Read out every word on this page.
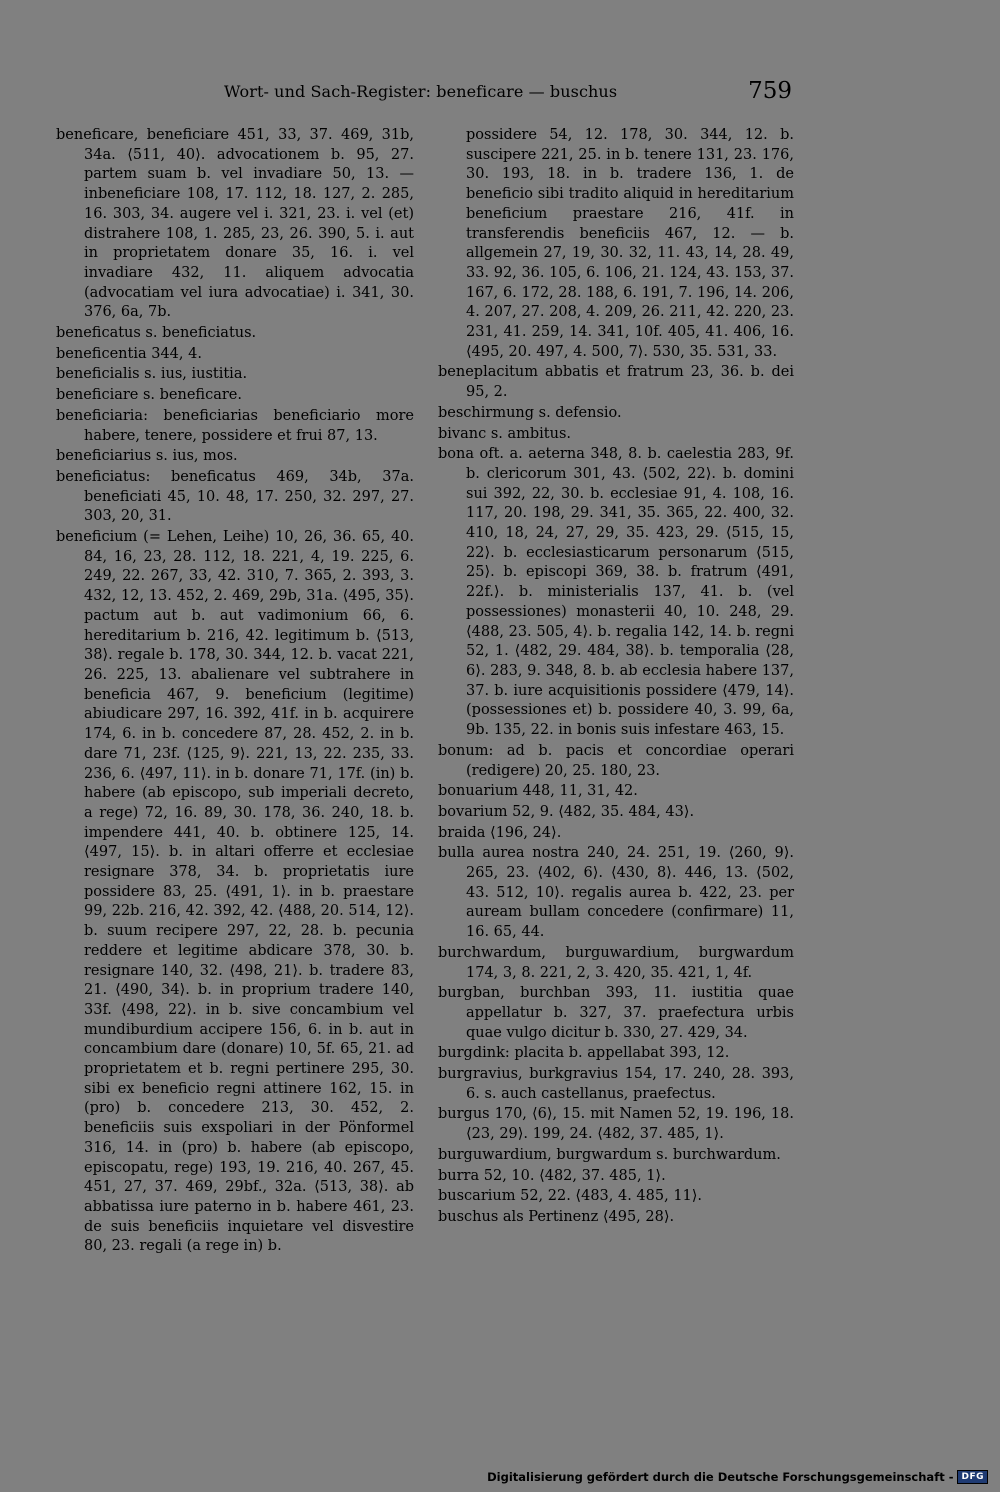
Wort- und Sach-Register: beneficare — buschus	759

beneficare, beneficiare 451, 33, 37. 469, 31b, 34a. ⟨511, 40⟩. advocationem b. 95, 27. partem suam b. vel invadiare 50, 13. — inbeneficiare 108, 17. 112, 18. 127, 2. 285, 16. 303, 34. augere vel i. 321, 23. i. vel (et) distrahere 108, 1. 285, 23, 26. 390, 5. i. aut in proprietatem donare 35, 16. i. vel invadiare 432, 11. aliquem advocatia (advocatiam vel iura advocatiae) i. 341, 30. 376, 6a, 7b.

beneficatus s. beneficiatus.

beneficentia 344, 4.

beneficialis s. ius, iustitia.

beneficiare s. beneficare.

beneficiaria: beneficiarias beneficiario more habere, tenere, possidere et frui 87, 13.

beneficiarius s. ius, mos.

beneficiatus: beneficatus 469, 34b, 37a. beneficiati 45, 10. 48, 17. 250, 32. 297, 27. 303, 20, 31.

beneficium (= Lehen, Leihe) 10, 26, 36. 65, 40. 84, 16, 23, 28. 112, 18. 221, 4, 19. 225, 6. 249, 22. 267, 33, 42. 310, 7. 365, 2. 393, 3. 432, 12, 13. 452, 2. 469, 29b, 31a. ⟨495, 35⟩. pactum aut b. aut vadimonium 66, 6. hereditarium b. 216, 42. legitimum b. ⟨513, 38⟩. regale b. 178, 30. 344, 12. b. vacat 221, 26. 225, 13. abalienare vel subtrahere in beneficia 467, 9. beneficium (legitime) abiudicare 297, 16. 392, 41f. in b. acquirere 174, 6. in b. concedere 87, 28. 452, 2. in b. dare 71, 23f. ⟨125, 9⟩. 221, 13, 22. 235, 33. 236, 6. ⟨497, 11⟩. in b. donare 71, 17f. (in) b. habere (ab episcopo, sub imperiali decreto, a rege) 72, 16. 89, 30. 178, 36. 240, 18. b. impendere 441, 40. b. obtinere 125, 14. ⟨497, 15⟩. b. in altari offerre et ecclesiae resignare 378, 34. b. proprietatis iure possidere 83, 25. ⟨491, 1⟩. in b. praestare 99, 22b. 216, 42. 392, 42. ⟨488, 20. 514, 12⟩. b. suum recipere 297, 22, 28. b. pecunia reddere et legitime abdicare 378, 30. b. resignare 140, 32. ⟨498, 21⟩. b. tradere 83, 21. ⟨490, 34⟩. b. in proprium tradere 140, 33f. ⟨498, 22⟩. in b. sive concambium vel mundiburdium accipere 156, 6. in b. aut in concambium dare (donare) 10, 5f. 65, 21. ad proprietatem et b. regni pertinere 295, 30. sibi ex beneficio regni attinere 162, 15. in (pro) b. concedere 213, 30. 452, 2. beneficiis suis exspoliari in der Pönformel 316, 14. in (pro) b. habere (ab episcopo, episcopatu, rege) 193, 19. 216, 40. 267, 45. 451, 27, 37. 469, 29bf., 32a. ⟨513, 38⟩. ab abbatissa iure paterno in b. habere 461, 23. de suis beneficiis inquietare vel disvestire 80, 23. regali (a rege in) b.

possidere 54, 12. 178, 30. 344, 12. b. suscipere 221, 25. in b. tenere 131, 23. 176, 30. 193, 18. in b. tradere 136, 1. de beneficio sibi tradito aliquid in hereditarium beneficium praestare 216, 41f. in transferendis beneficiis 467, 12. — b. allgemein 27, 19, 30. 32, 11. 43, 14, 28. 49, 33. 92, 36. 105, 6. 106, 21. 124, 43. 153, 37. 167, 6. 172, 28. 188, 6. 191, 7. 196, 14. 206, 4. 207, 27. 208, 4. 209, 26. 211, 42. 220, 23. 231, 41. 259, 14. 341, 10f. 405, 41. 406, 16. ⟨495, 20. 497, 4. 500, 7⟩. 530, 35. 531, 33.

beneplacitum abbatis et fratrum 23, 36. b. dei 95, 2.

beschirmung s. defensio.

bivanc s. ambitus.

bona oft. a. aeterna 348, 8. b. caelestia 283, 9f. b. clericorum 301, 43. ⟨502, 22⟩. b. domini sui 392, 22, 30. b. ecclesiae 91, 4. 108, 16. 117, 20. 198, 29. 341, 35. 365, 22. 400, 32. 410, 18, 24, 27, 29, 35. 423, 29. ⟨515, 15, 22⟩. b. ecclesiasticarum personarum ⟨515, 25⟩. b. episcopi 369, 38. b. fratrum ⟨491, 22f.⟩. b. ministerialis 137, 41. b. (vel possessiones) monasterii 40, 10. 248, 29. ⟨488, 23. 505, 4⟩. b. regalia 142, 14. b. regni 52, 1. ⟨482, 29. 484, 38⟩. b. temporalia ⟨28, 6⟩. 283, 9. 348, 8. b. ab ecclesia habere 137, 37. b. iure acquisitionis possidere ⟨479, 14⟩. (possessiones et) b. possidere 40, 3. 99, 6a, 9b. 135, 22. in bonis suis infestare 463, 15.

bonum: ad b. pacis et concordiae operari (redigere) 20, 25. 180, 23.

bonuarium 448, 11, 31, 42.

bovarium 52, 9. ⟨482, 35. 484, 43⟩.

braida ⟨196, 24⟩.

bulla aurea nostra 240, 24. 251, 19. ⟨260, 9⟩. 265, 23. ⟨402, 6⟩. ⟨430, 8⟩. 446, 13. ⟨502, 43. 512, 10⟩. regalis aurea b. 422, 23. per auream bullam concedere (confirmare) 11, 16. 65, 44.

burchwardum, burguwardium, burgwardum 174, 3, 8. 221, 2, 3. 420, 35. 421, 1, 4f.

burgban, burchban 393, 11. iustitia quae appellatur b. 327, 37. praefectura urbis quae vulgo dicitur b. 330, 27. 429, 34.

burgdink: placita b. appellabat 393, 12.

burgravius, burkgravius 154, 17. 240, 28. 393, 6. s. auch castellanus, praefectus.

burgus 170, ⟨6⟩, 15. mit Namen 52, 19. 196, 18. ⟨23, 29⟩. 199, 24. ⟨482, 37. 485, 1⟩.

burguwardium, burgwardum s. burchwardum.

burra 52, 10. ⟨482, 37. 485, 1⟩.

buscarium 52, 22. ⟨483, 4. 485, 11⟩.

buschus als Pertinenz ⟨495, 28⟩.

Digitalisierung gefördert durch die Deutsche Forschungsgemeinschaft - DFG
